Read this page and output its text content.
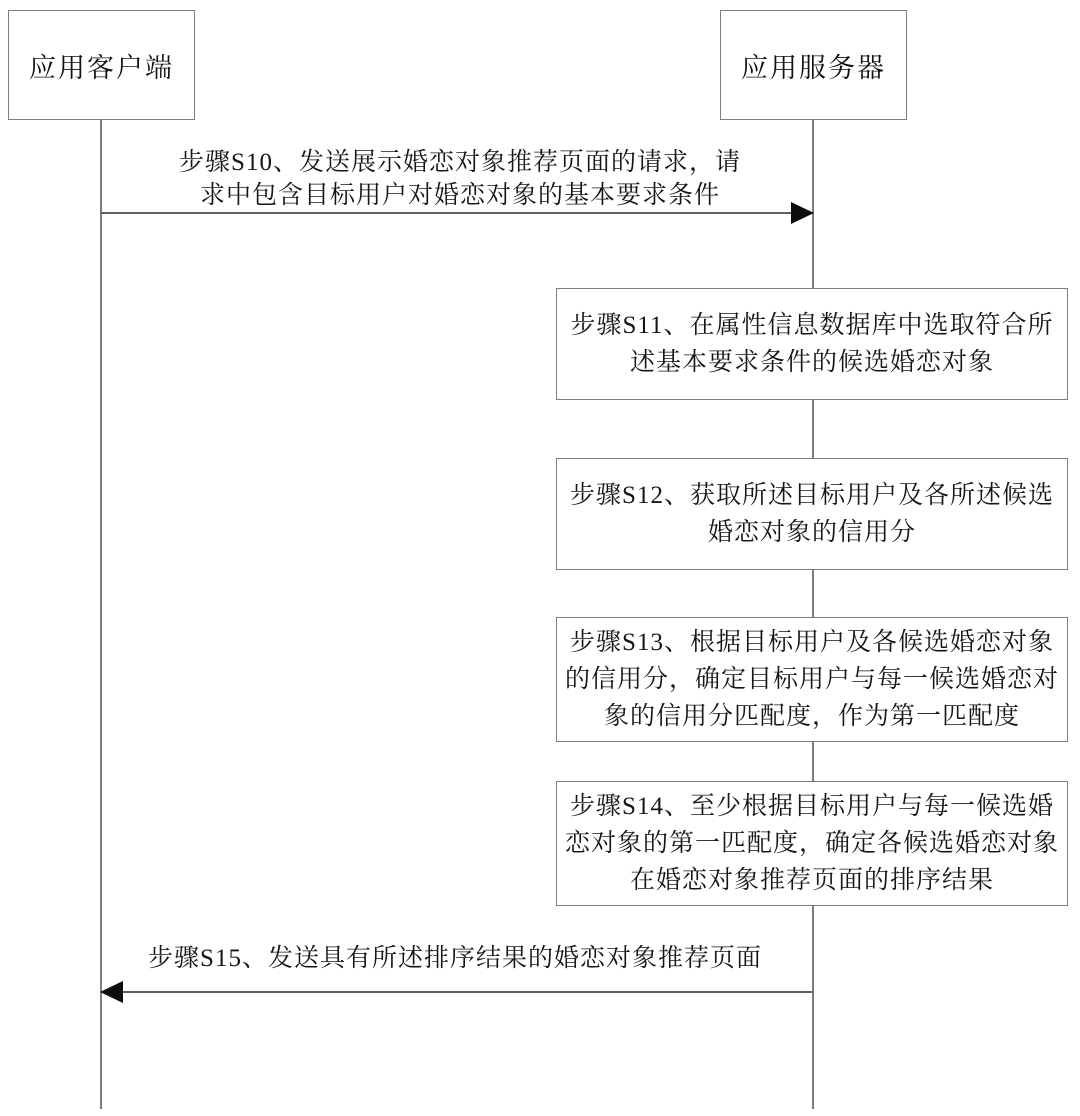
应用客户端	应用服务器
步骤S10、发送展示婚恋对象推荐页面的请求，请
求中包含目标用户对婚恋对象的基本要求条件
步骤S11、在属性信息数据库中选取符合所
述基本要求条件的候选婚恋对象
步骤S12、获取所述目标用户及各所述候选
婚恋对象的信用分
步骤S13、根据目标用户及各候选婚恋对象
的信用分，确定目标用户与每一候选婚恋对
象的信用分匹配度，作为第一匹配度
步骤S14、至少根据目标用户与每一候选婚
恋对象的第一匹配度，确定各候选婚恋对象
在婚恋对象推荐页面的排序结果
步骤S15、发送具有所述排序结果的婚恋对象推荐页面
